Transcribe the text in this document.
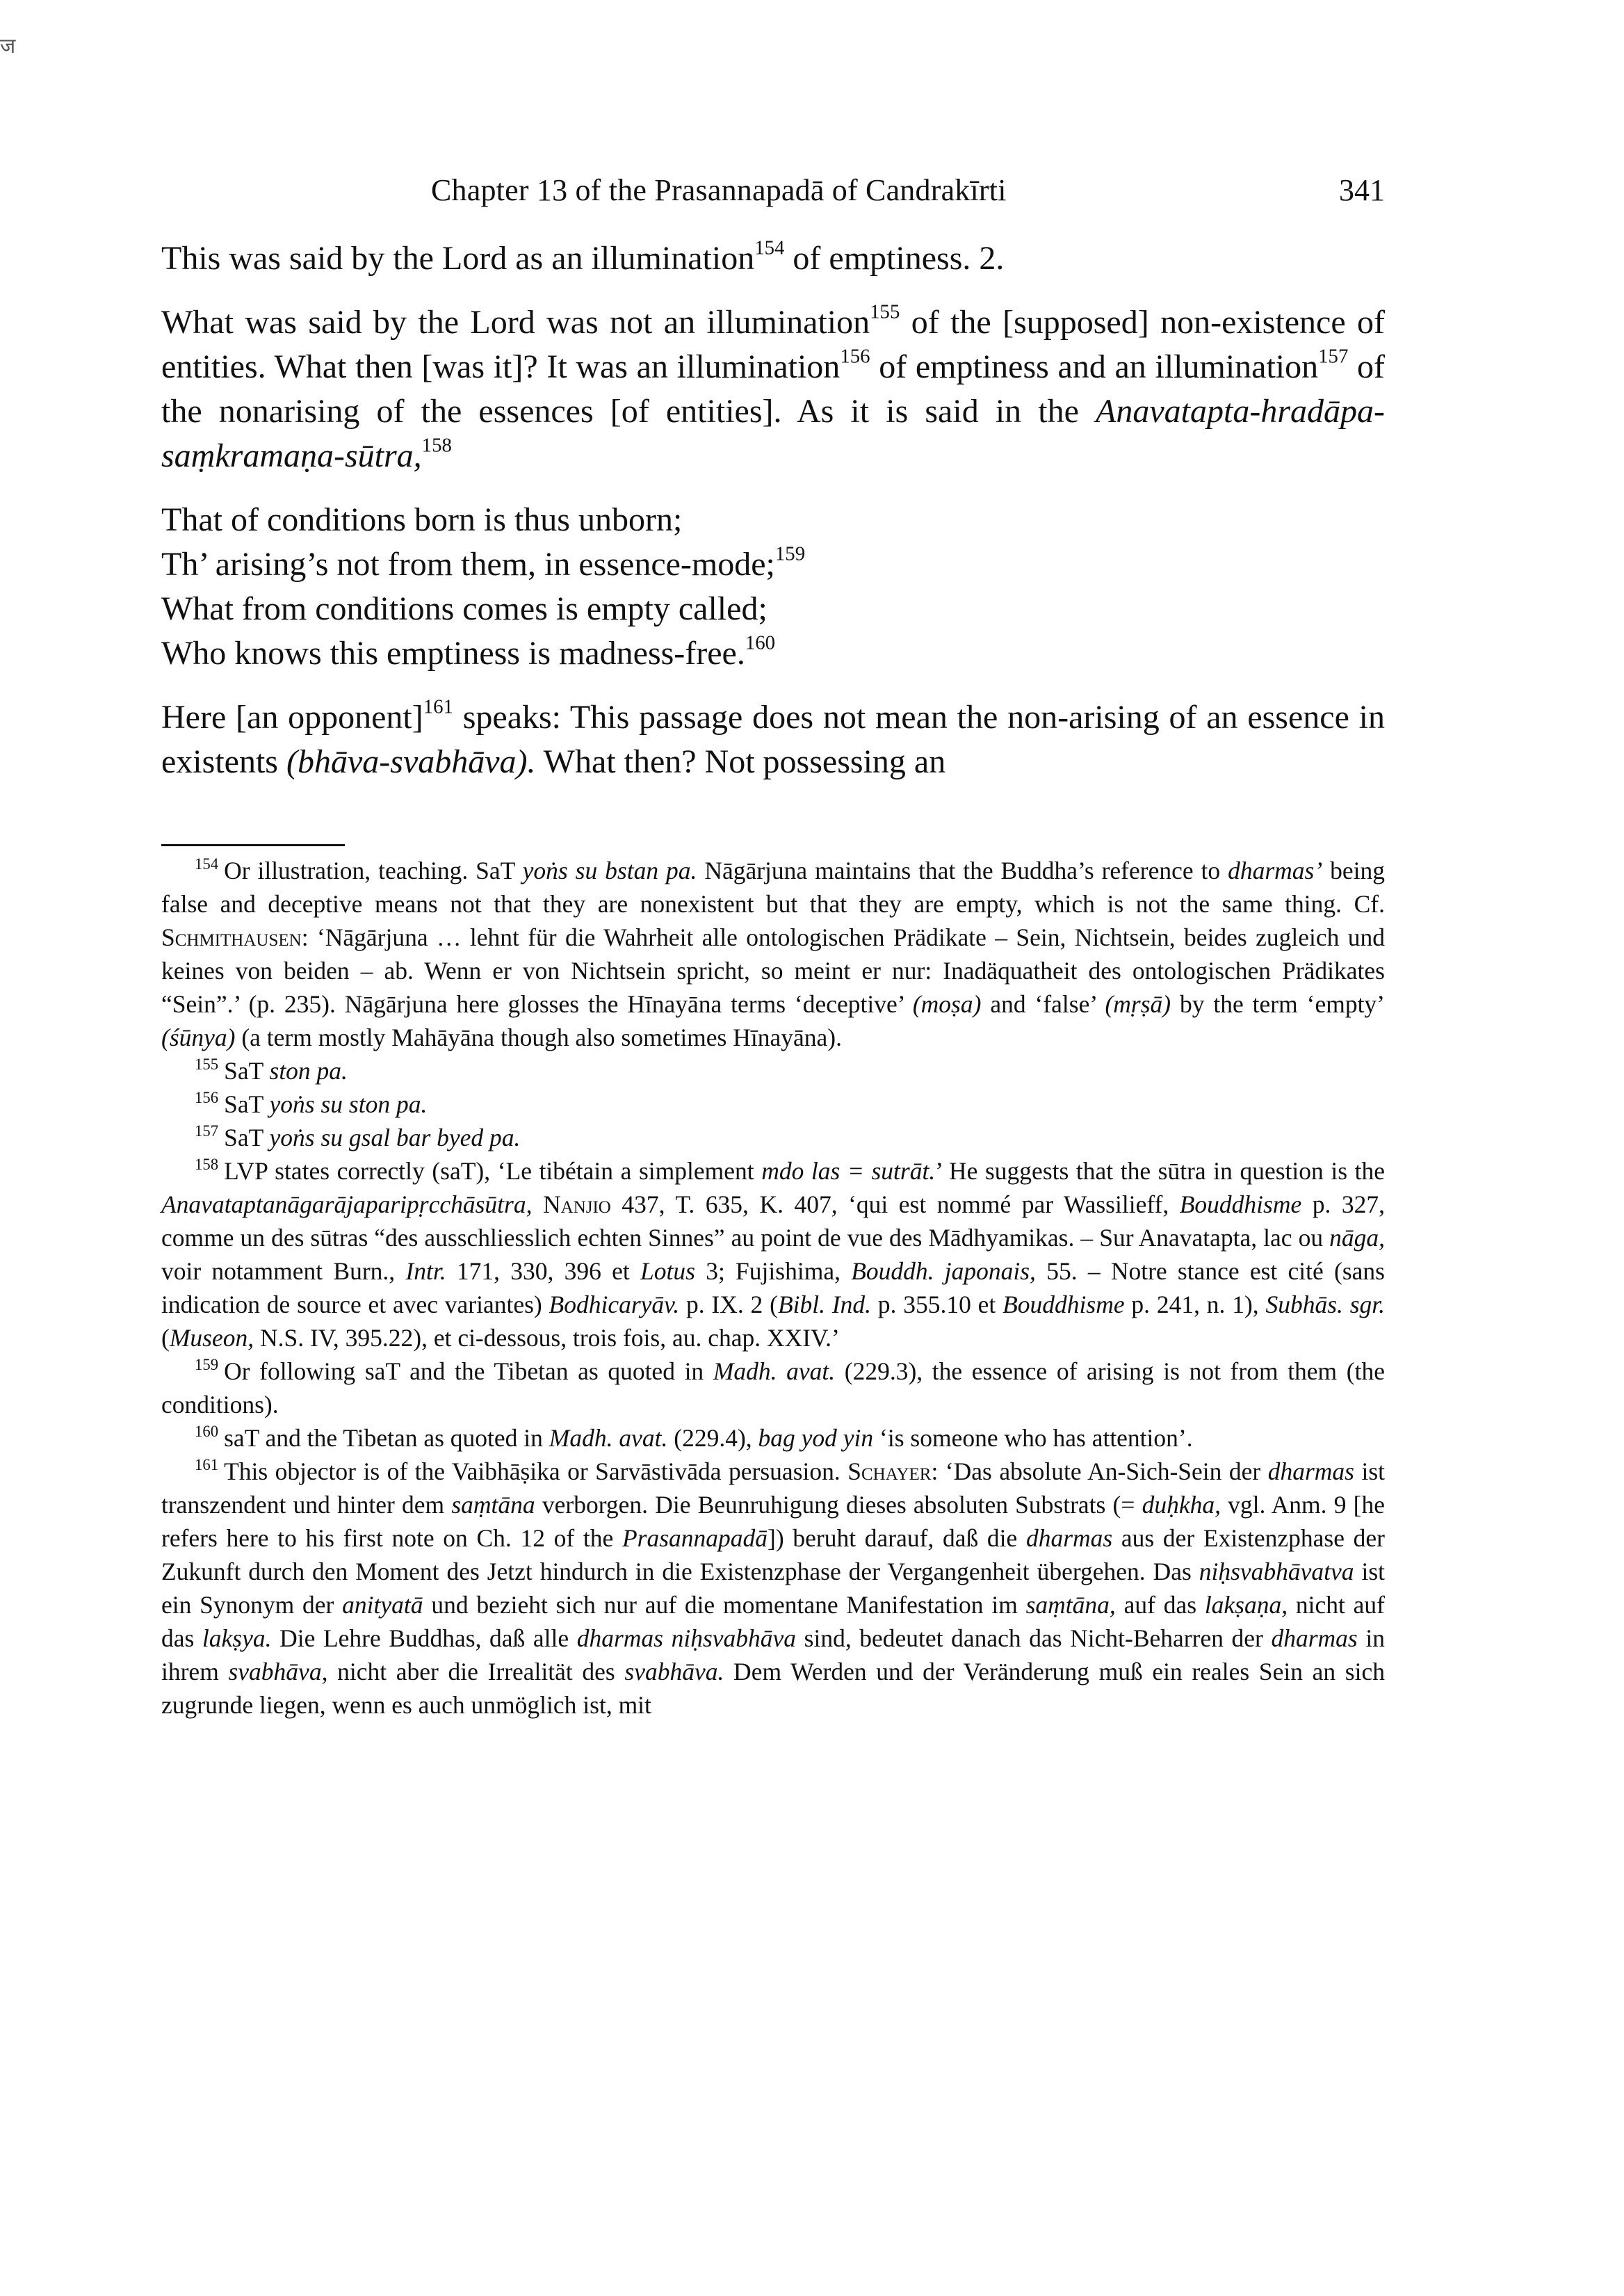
ज
Chapter 13 of the Prasannapadā of Candrakīrti	341

This was said by the Lord as an illumination$^{154}$ of emptiness. 2.

What was said by the Lord was not an illumination$^{155}$ of the [supposed] non-existence of entities. What then [was it]? It was an illumination$^{156}$ of emptiness and an illumination$^{157}$ of the nonarising of the essences [of entities]. As it is said in the Anavatapta-hradāpa-saṃkramaṇa-sūtra,$^{158}$

That of conditions born is thus unborn;
Th’ arising’s not from them, in essence-mode;$^{159}$
What from conditions comes is empty called;
Who knows this emptiness is madness-free.$^{160}$

Here [an opponent]$^{161}$ speaks: This passage does not mean the non-arising of an essence in existents (bhāva-svabhāva). What then? Not possessing an

$^{154}$ Or illustration, teaching. SaT yoṅs su bstan pa. Nāgārjuna maintains that the Buddha’s reference to dharmas’ being false and deceptive means not that they are nonexistent but that they are empty, which is not the same thing. Cf. Schmithausen: ‘Nāgārjuna … lehnt für die Wahrheit alle ontologischen Prädikate – Sein, Nichtsein, beides zugleich und keines von beiden – ab. Wenn er von Nichtsein spricht, so meint er nur: Inadäquatheit des ontologischen Prädikates “Sein”.’ (p. 235). Nāgārjuna here glosses the Hīnayāna terms ‘deceptive’ (moṣa) and ‘false’ (mṛṣā) by the term ‘empty’ (śūnya) (a term mostly Mahāyāna though also sometimes Hīnayāna).

$^{155}$ SaT ston pa.

$^{156}$ SaT yoṅs su ston pa.

$^{157}$ SaT yoṅs su gsal bar byed pa.

$^{158}$ LVP states correctly (saT), ‘Le tibétain a simplement mdo las = sutrāt.’ He suggests that the sūtra in question is the Anavataptanāgarājaparipṛcchāsūtra, Nanjio 437, T. 635, K. 407, ‘qui est nommé par Wassilieff, Bouddhisme p. 327, comme un des sūtras “des ausschliesslich echten Sinnes” au point de vue des Mādhyamikas. – Sur Anavatapta, lac ou nāga, voir notamment Burn., Intr. 171, 330, 396 et Lotus 3; Fujishima, Bouddh. japonais, 55. – Notre stance est cité (sans indication de source et avec variantes) Bodhicaryāv. p. IX. 2 (Bibl. Ind. p. 355.10 et Bouddhisme p. 241, n. 1), Subhās. sgr. (Museon, N.S. IV, 395.22), et ci-dessous, trois fois, au. chap. XXIV.’

$^{159}$ Or following saT and the Tibetan as quoted in Madh. avat. (229.3), the essence of arising is not from them (the conditions).

$^{160}$ saT and the Tibetan as quoted in Madh. avat. (229.4), bag yod yin ‘is someone who has attention’.

$^{161}$ This objector is of the Vaibhāṣika or Sarvāstivāda persuasion. Schayer: ‘Das absolute An-Sich-Sein der dharmas ist transzendent und hinter dem saṃtāna verborgen. Die Beunruhigung dieses absoluten Substrats (= duḥkha, vgl. Anm. 9 [he refers here to his first note on Ch. 12 of the Prasannapadā]) beruht darauf, daß die dharmas aus der Existenzphase der Zukunft durch den Moment des Jetzt hindurch in die Existenzphase der Vergangenheit übergehen. Das niḥsvabhāvatva ist ein Synonym der anityatā und bezieht sich nur auf die momentane Manifestation im saṃtāna, auf das lakṣaṇa, nicht auf das lakṣya. Die Lehre Buddhas, daß alle dharmas niḥsvabhāva sind, bedeutet danach das Nicht-Beharren der dharmas in ihrem svabhāva, nicht aber die Irrealität des svabhāva. Dem Werden und der Veränderung muß ein reales Sein an sich zugrunde liegen, wenn es auch unmöglich ist, mit
